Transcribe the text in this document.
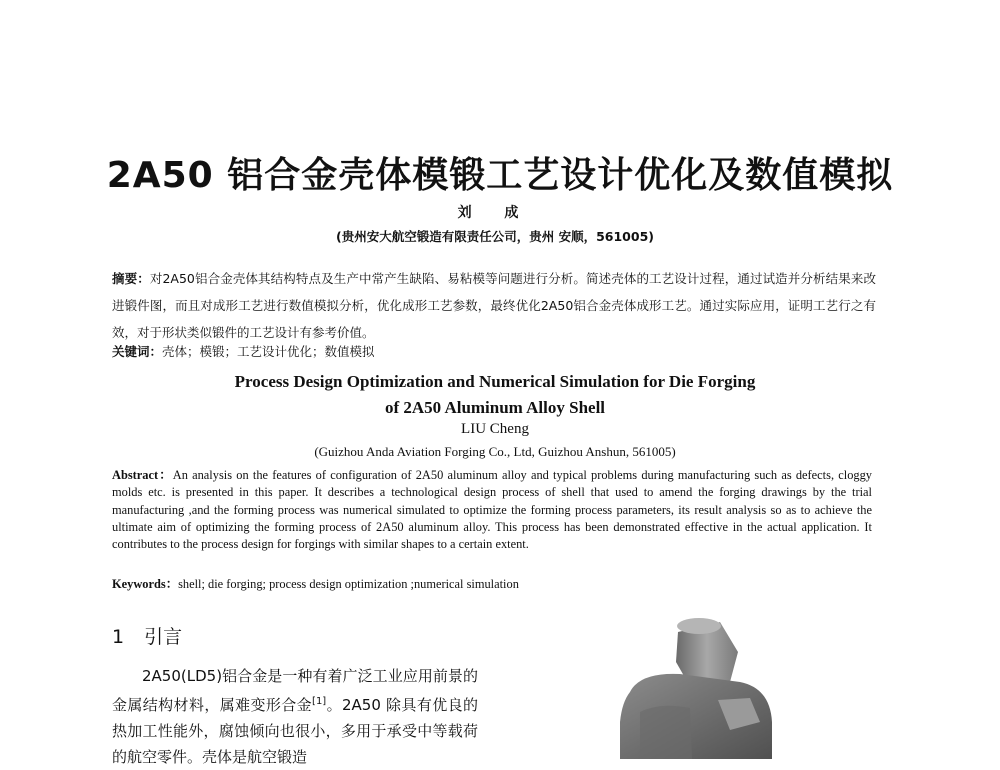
2A50 铝合金壳体模锻工艺设计优化及数值模拟
刘 成
(贵州安大航空锻造有限责任公司，贵州 安顺，561005)
摘要：对2A50铝合金壳体其结构特点及生产中常产生缺陷、易粘模等问题进行分析。简述壳体的工艺设计过程，通过试造并分析结果来改进锻件图，而且对成形工艺进行数值模拟分析，优化成形工艺参数，最终优化2A50铝合金壳体成形工艺。通过实际应用，证明工艺行之有效，对于形状类似锻件的工艺设计有参考价值。
关键词：壳体；模锻；工艺设计优化；数值模拟
Process Design Optimization and Numerical Simulation for Die Forging
of 2A50 Aluminum Alloy Shell
LIU Cheng
(Guizhou Anda Aviation Forging Co., Ltd, Guizhou Anshun, 561005)
Abstract：An analysis on the features of configuration of 2A50 aluminum alloy and typical problems during manufacturing such as defects, cloggy molds etc. is presented in this paper. It describes a technological design process of shell that used to amend the forging drawings by the trial manufacturing ,and the forming process was numerical simulated to optimize the forming process parameters, its result analysis so as to achieve the ultimate aim of optimizing the forming process of 2A50 aluminum alloy. This process has been demonstrated effective in the actual application. It contributes to the process design for forgings with similar shapes to a certain extent.
Keywords：shell; die forging; process design optimization ;numerical simulation
1 引言

2A50(LD5)铝合金是一种有着广泛工业应用前景的金属结构材料，属难变形合金[1]。2A50 除具有优良的热加工性能外，腐蚀倾向也很小，多用于承受中等载荷的航空零件。壳体是航空锻造
